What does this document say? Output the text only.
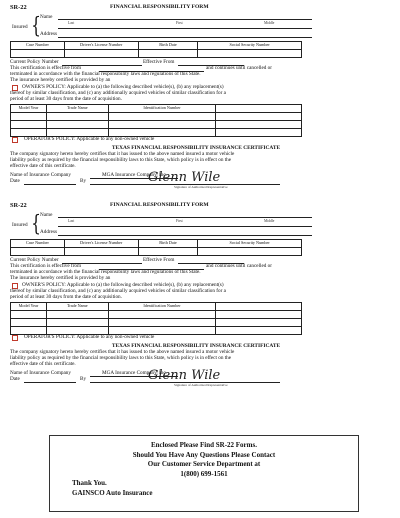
SR-22	FINANCIAL RESPONSIBILITY FORM
Name
Insured { Address
Last	First	Middle
Case Number	Driver's License Number	Birth Date	Social Security Number

Current Policy Number	Effective From
This certification is effective from	and continues until cancelled or
terminated in accordance with the financial responsibility laws and regulations of this State.
The insurance hereby certified is provided by an
OWNER'S POLICY: Applicable to (a) the following described vehicle(s), (b) any replacement(s)
thereof by similar classification, and (c) any additionally acquired vehicles of similar classification for a
period of at least 30 days from the date of acquisition.
Model Year	Trade Name	Identification Number	

OPERATOR'S POLICY: Applicable to any non-owned vehicle
TEXAS FINANCIAL RESPONSIBILITY INSURANCE CERTIFICATE
The company signatory hereto hereby certifies that it has issued to the above named insured a motor vehicle
liability policy as required by the financial responsibility laws to this State, which policy is in effect on the
effective date of this certificate.
Name of Insurance Company	MGA Insurance Company, Inc.
Date	By	Glenn Wile
Signature of Authorized Representative
SR-22	FINANCIAL RESPONSIBILITY FORM
Name
Insured { Address
Last	First	Middle
Case Number	Driver's License Number	Birth Date	Social Security Number

Current Policy Number	Effective From
This certification is effective from	and continues until cancelled or
terminated in accordance with the financial responsibility laws and regulations of this State.
The insurance hereby certified is provided by an
OWNER'S POLICY: Applicable to (a) the following described vehicle(s), (b) any replacement(s)
thereof by similar classification, and (c) any additionally acquired vehicles of similar classification for a
period of at least 30 days from the date of acquisition.
Model Year	Trade Name	Identification Number	

OPERATOR'S POLICY: Applicable to any non-owned vehicle
TEXAS FINANCIAL RESPONSIBILITY INSURANCE CERTIFICATE
The company signatory hereto hereby certifies that it has issued to the above named insured a motor vehicle
liability policy as required by the financial responsibility laws to this State, which policy is in effect on the
effective date of this certificate.
Name of Insurance Company	MGA Insurance Company, Inc.
Date	By	Glenn Wile
Signature of Authorized Representative
Enclosed Please Find SR-22 Forms.
Should You Have Any Questions Please Contact
Our Customer Service Department at
1(800) 699-1561
Thank You.
GAINSCO Auto Insurance
